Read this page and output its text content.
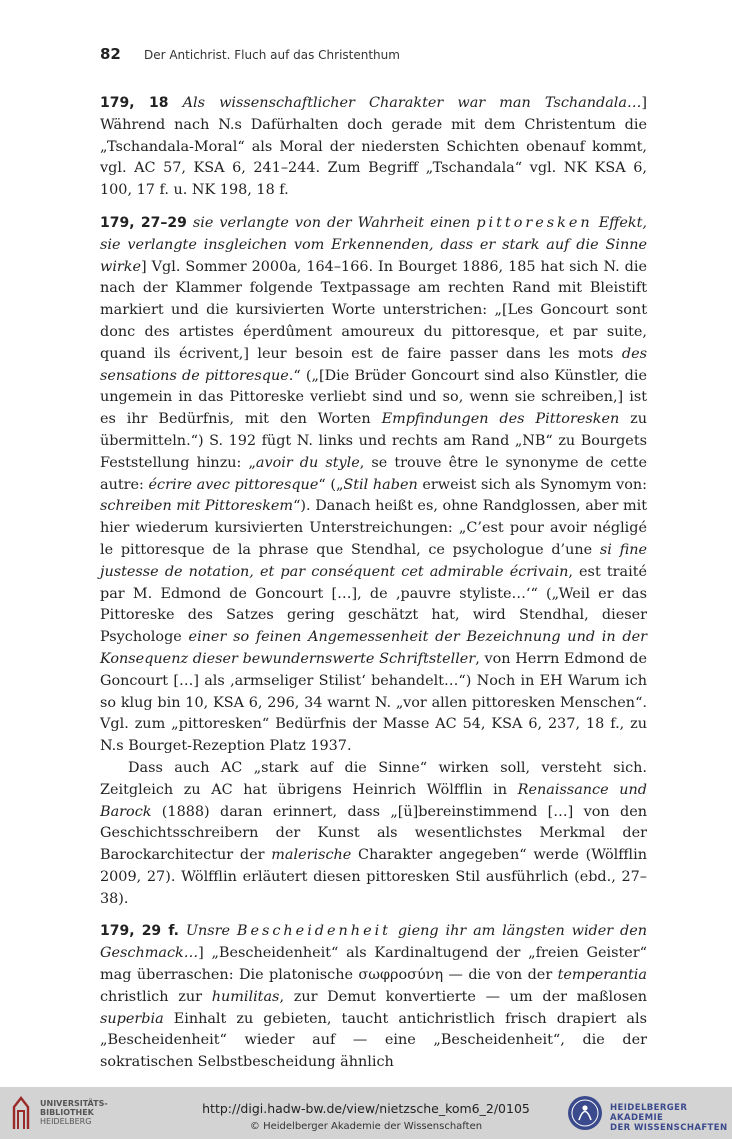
82 Der Antichrist. Fluch auf das Christenthum

179, 18 Als wissenschaftlicher Charakter war man Tschandala…] Während nach N.s Dafürhalten doch gerade mit dem Christentum die „Tschandala-Moral“ als Moral der niedersten Schichten obenauf kommt, vgl. AC 57, KSA 6, 241–244. Zum Begriff „Tschandala“ vgl. NK KSA 6, 100, 17 f. u. NK 198, 18 f.

179, 27–29 sie verlangte von der Wahrheit einen pittoresken Effekt, sie verlangte insgleichen vom Erkennenden, dass er stark auf die Sinne wirke] Vgl. Sommer 2000a, 164–166. In Bourget 1886, 185 hat sich N. die nach der Klammer folgende Textpassage am rechten Rand mit Bleistift markiert und die kursivierten Worte unterstrichen: „[Les Goncourt sont donc des artistes éperdûment amoureux du pittoresque, et par suite, quand ils écrivent,] leur besoin est de faire passer dans les mots des sensations de pittoresque.“ („[Die Brüder Goncourt sind also Künstler, die ungemein in das Pittoreske verliebt sind und so, wenn sie schreiben,] ist es ihr Bedürfnis, mit den Worten Empfindungen des Pittoresken zu übermitteln.“) S. 192 fügt N. links und rechts am Rand „NB“ zu Bourgets Feststellung hinzu: „avoir du style, se trouve être le synonyme de cette autre: écrire avec pittoresque“ („Stil haben erweist sich als Synomym von: schreiben mit Pittoreskem“). Danach heißt es, ohne Randglossen, aber mit hier wiederum kursivierten Unterstreichungen: „C’est pour avoir négligé le pittoresque de la phrase que Stendhal, ce psychologue d’une si fine justesse de notation, et par conséquent cet admirable écrivain, est traité par M. Edmond de Goncourt […], de ‚pauvre styliste…‘“ („Weil er das Pittoreske des Satzes gering geschätzt hat, wird Stendhal, dieser Psychologe einer so feinen Angemessenheit der Bezeichnung und in der Konsequenz dieser bewundernswerte Schriftsteller, von Herrn Edmond de Goncourt […] als ‚armseliger Stilist‘ behandelt…“) Noch in EH Warum ich so klug bin 10, KSA 6, 296, 34 warnt N. „vor allen pittoresken Menschen“. Vgl. zum „pittoresken“ Bedürfnis der Masse AC 54, KSA 6, 237, 18 f., zu N.s Bourget-Rezeption Platz 1937.

Dass auch AC „stark auf die Sinne“ wirken soll, versteht sich. Zeitgleich zu AC hat übrigens Heinrich Wölfflin in Renaissance und Barock (1888) daran erinnert, dass „[ü]bereinstimmend […] von den Geschichtsschreibern der Kunst als wesentlichstes Merkmal der Barockarchitectur der malerische Charakter angegeben“ werde (Wölfflin 2009, 27). Wölfflin erläutert diesen pittoresken Stil ausführlich (ebd., 27–38).

179, 29 f. Unsre Bescheidenheit gieng ihr am längsten wider den Geschmack…] „Bescheidenheit“ als Kardinaltugend der „freien Geister“ mag überraschen: Die platonische σωφροσύνη — die von der temperantia christlich zur humilitas, zur Demut konvertierte — um der maßlosen superbia Einhalt zu gebieten, taucht antichristlich frisch drapiert als „Bescheidenheit“ wieder auf — eine „Bescheidenheit“, die der sokratischen Selbstbescheidung ähnlich

UNIVERSITÄTS-
BIBLIOTHEK
HEIDELBERG
http://digi.hadw-bw.de/view/nietzsche_kom6_2/0105
© Heidelberger Akademie der Wissenschaften
HEIDELBERGER AKADEMIE
DER WISSENSCHAFTEN
